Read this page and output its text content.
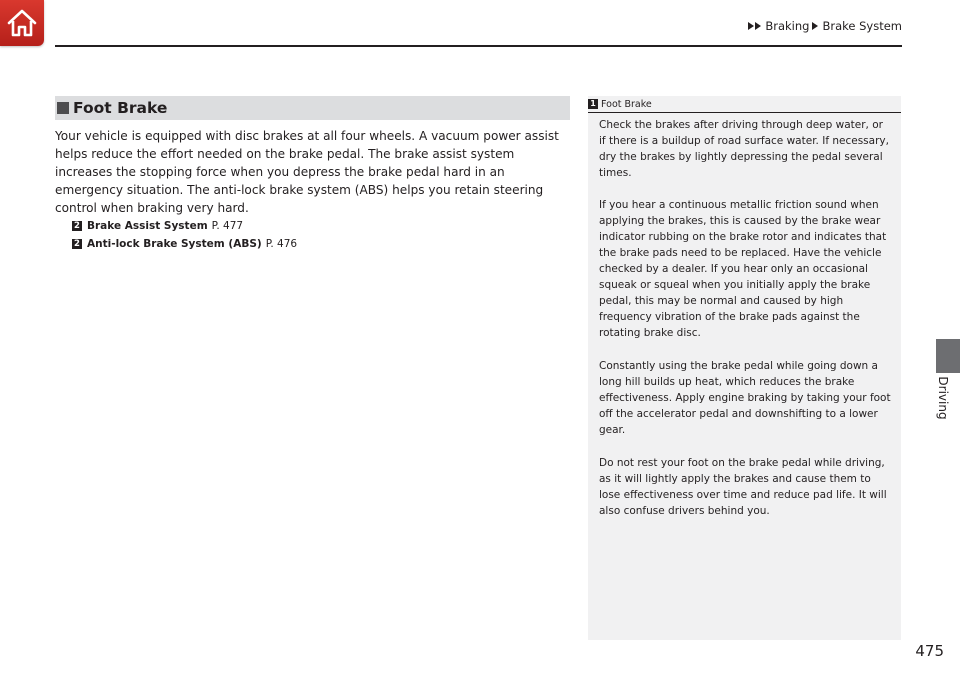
Braking Brake System
Driving
Foot Brake

Your vehicle is equipped with disc brakes at all four wheels. A vacuum power assist helps reduce the effort needed on the brake pedal. The brake assist system increases the stopping force when you depress the brake pedal hard in an emergency situation. The anti-lock brake system (ABS) helps you retain steering control when braking very hard.

2 Brake Assist System P. 477
2 Anti-lock Brake System (ABS) P. 476
1 Foot Brake

Check the brakes after driving through deep water, or if there is a buildup of road surface water. If necessary, dry the brakes by lightly depressing the pedal several times.

If you hear a continuous metallic friction sound when applying the brakes, this is caused by the brake wear indicator rubbing on the brake rotor and indicates that the brake pads need to be replaced. Have the vehicle checked by a dealer. If you hear only an occasional squeak or squeal when you initially apply the brake pedal, this may be normal and caused by high frequency vibration of the brake pads against the rotating brake disc.

Constantly using the brake pedal while going down a long hill builds up heat, which reduces the brake effectiveness. Apply engine braking by taking your foot off the accelerator pedal and downshifting to a lower gear.

Do not rest your foot on the brake pedal while driving, as it will lightly apply the brakes and cause them to lose effectiveness over time and reduce pad life. It will also confuse drivers behind you.

475
